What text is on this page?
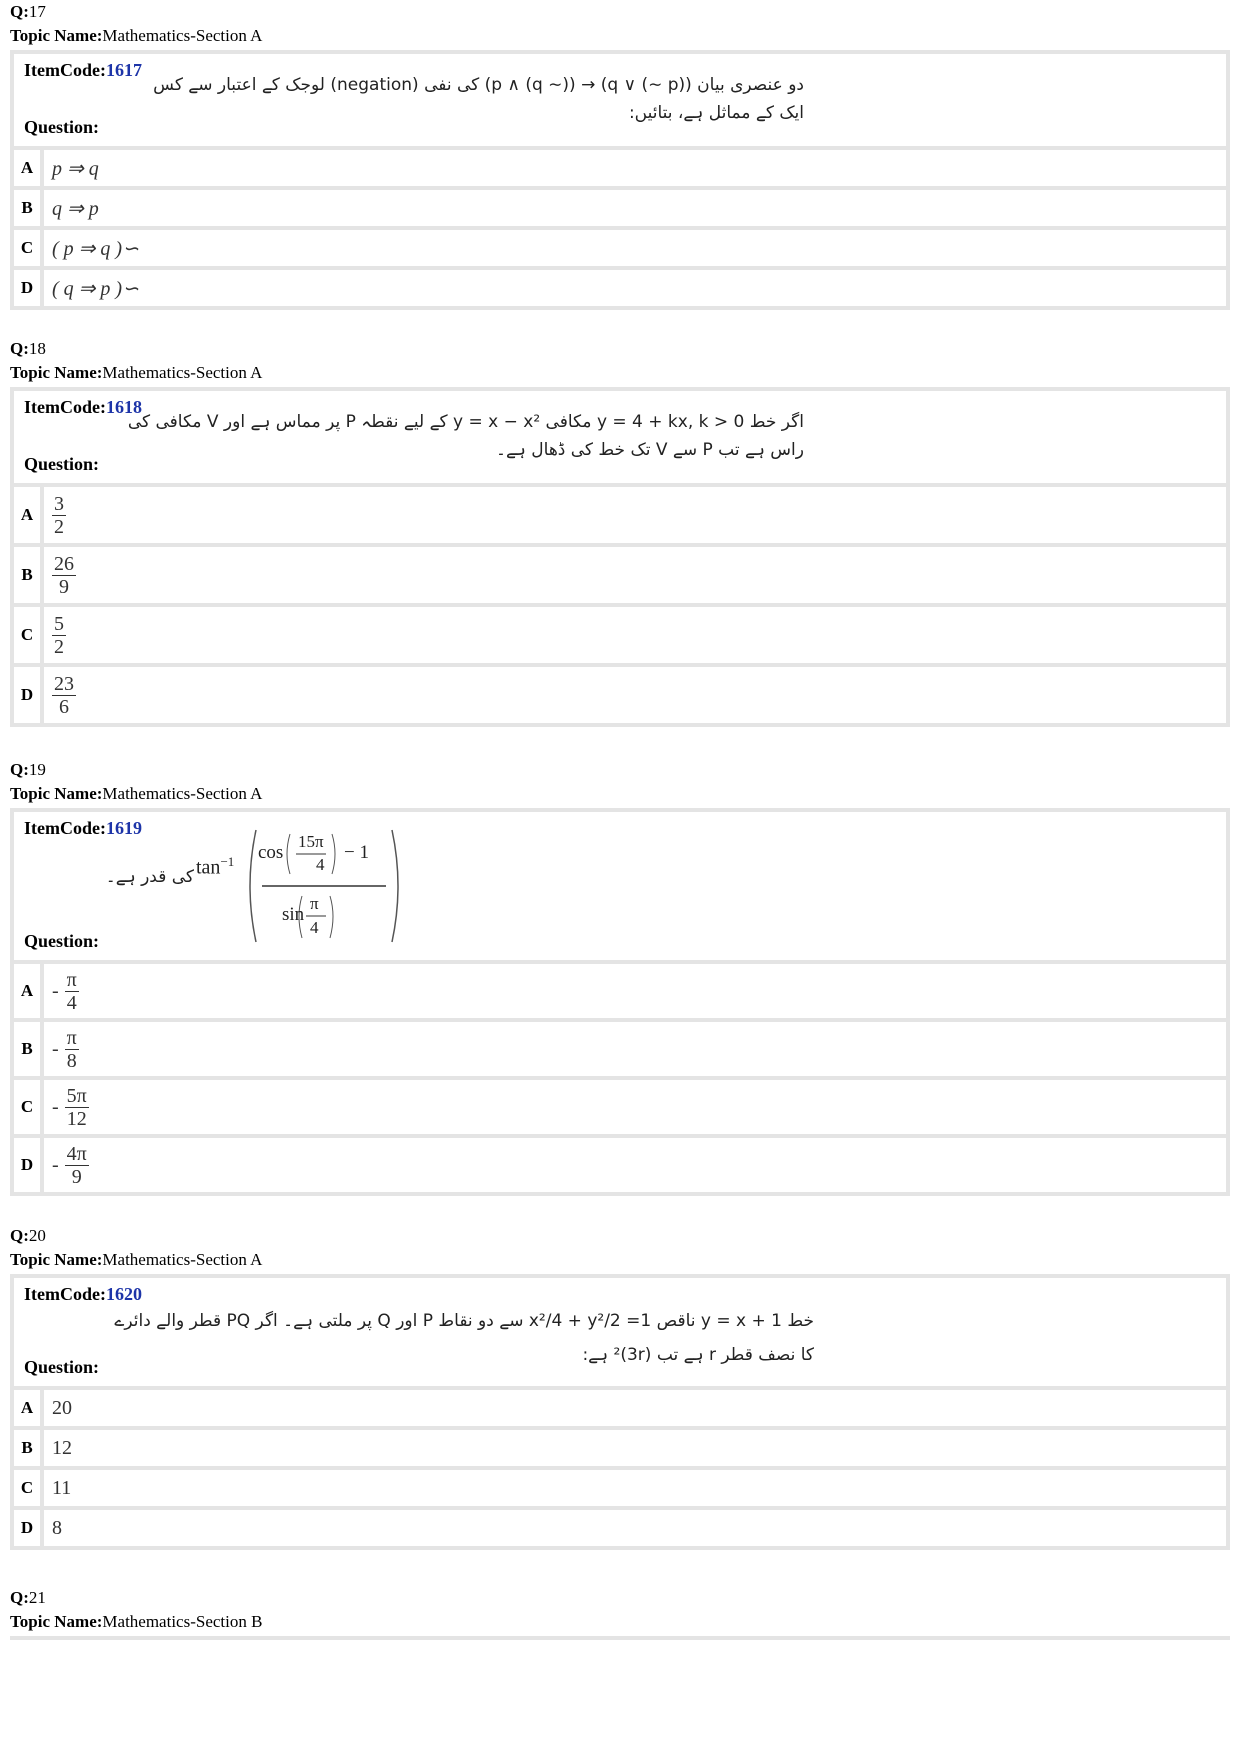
Q:17
Topic Name:Mathematics-Section A
ItemCode:1617
دو عنصری بیان ((p ∽) ∨ q) → ((∽ q) ∧ p) کی نفی (negation) لوجک کے اعتبار سے کس
ایک کے مماثل ہے، بتائیں:
Question:
A p ⇒ q
B q ⇒ p
C ( p ⇒ q )∽
D ( q ⇒ p )∽
Q:18
Topic Name:Mathematics-Section A
ItemCode:1618
اگر خط y = 4 + kx, k > 0 مکافی y = x − x² کے لیے نقطہ P پر مماس ہے اور V مکافی کی
راس ہے تب P سے V تک خط کی ڈھال ہے۔
Question:
A $\frac{3}{2}$
B $\frac{26}{9}$
C $\frac{5}{2}$
D $\frac{23}{6}$
Q:19
Topic Name:Mathematics-Section A
ItemCode:1619
کی قدر ہے۔ $\tan^{-1} \cos$
15π
4
− 1
sin
π
4
Question:
A - $\frac{\pi}{4}$
B - $\frac{\pi}{8}$
C - $\frac{5\pi}{12}$
D - $\frac{4\pi}{9}$
Q:20
Topic Name:Mathematics-Section A
ItemCode:1620
خط y = x + 1 ناقص x²/4 + y²/2 =1 سے دو نقاط P اور Q پر ملتی ہے۔ اگر PQ قطر والے دائرے
کا نصف قطر r ہے تب (3r)² ہے:
Question:
A 20
B 12
C 11
D 8
Q:21
Topic Name:Mathematics-Section B
